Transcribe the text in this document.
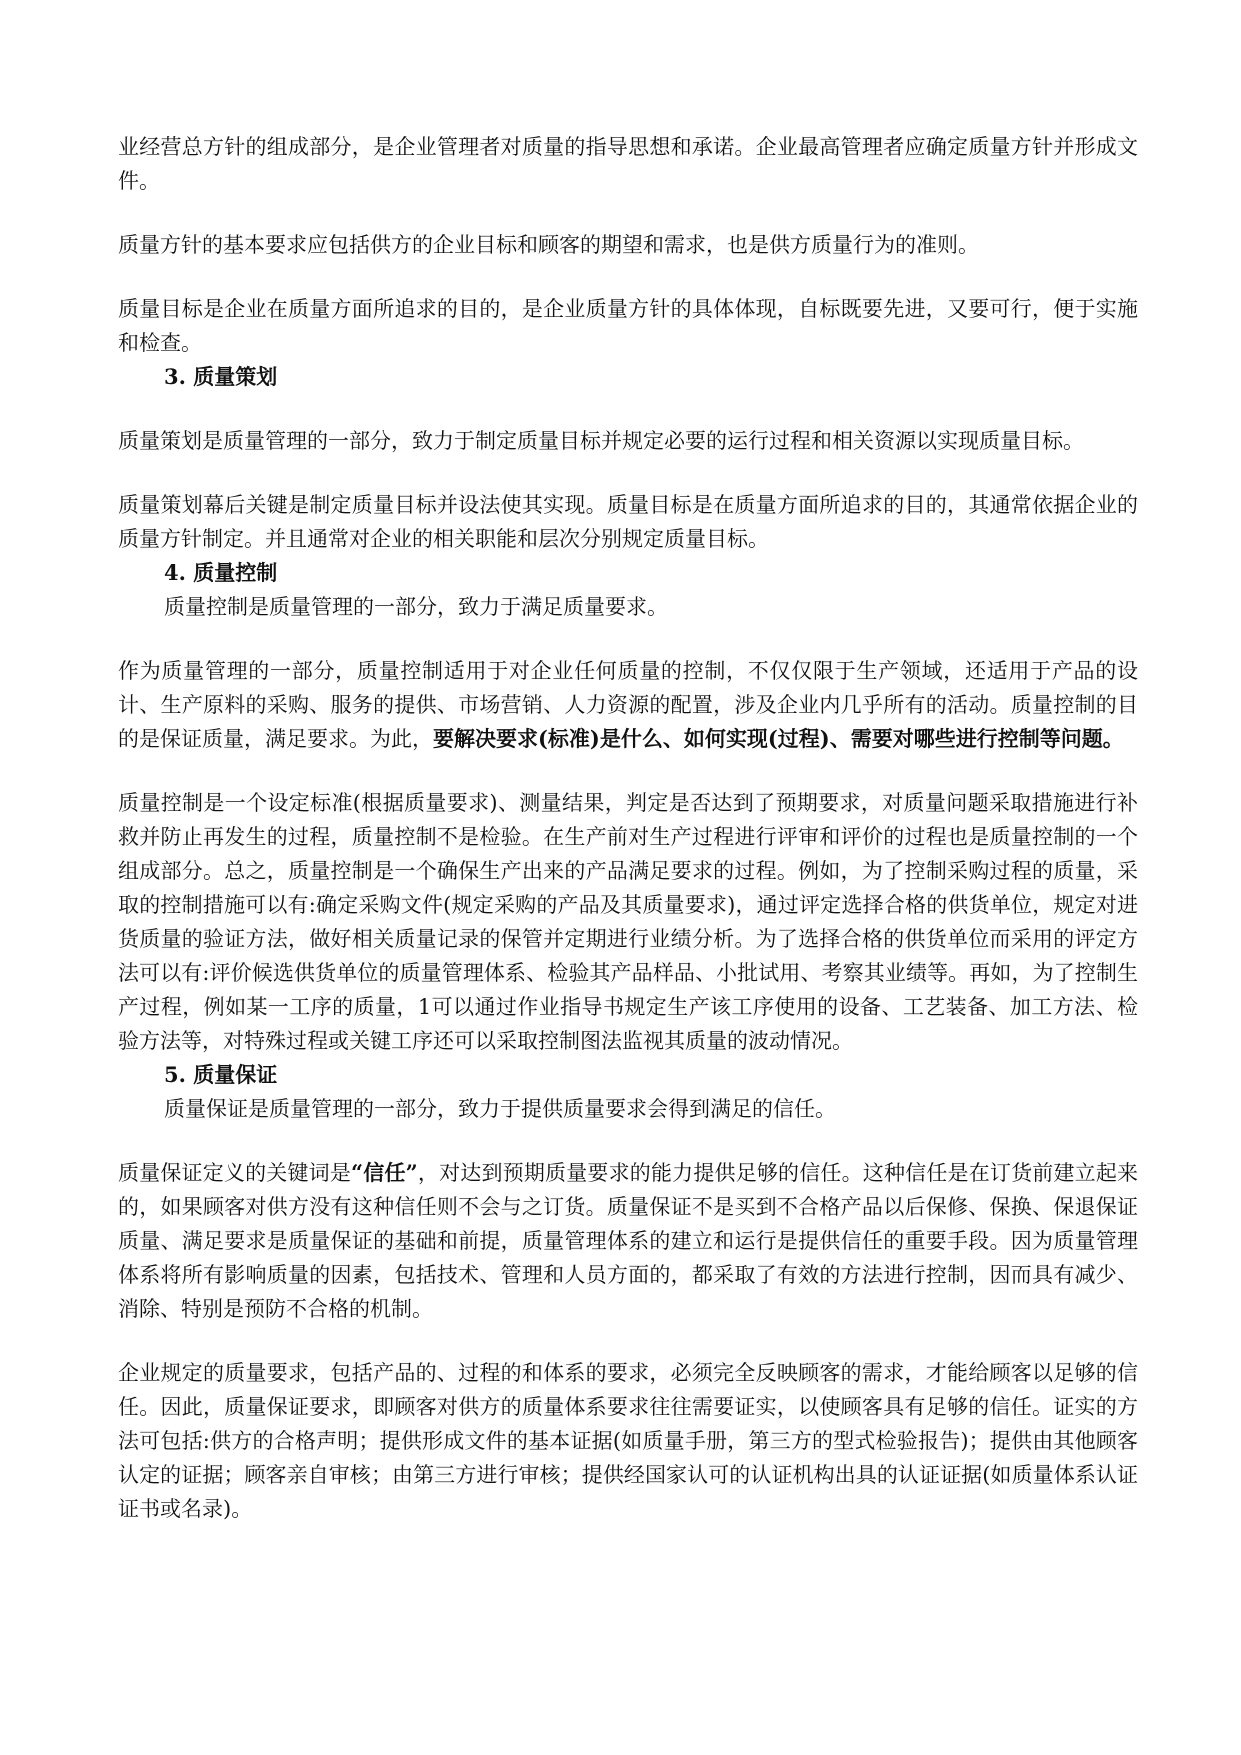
业经营总方针的组成部分，是企业管理者对质量的指导思想和承诺。企业最高管理者应确定质量方针并形成文件。

质量方针的基本要求应包括供方的企业目标和顾客的期望和需求，也是供方质量行为的准则。

质量目标是企业在质量方面所追求的目的，是企业质量方针的具体体现，自标既要先进，又要可行，便于实施和检查。

3. 质量策划

质量策划是质量管理的一部分，致力于制定质量目标并规定必要的运行过程和相关资源以实现质量目标。

质量策划幕后关键是制定质量目标并设法使其实现。质量目标是在质量方面所追求的目的，其通常依据企业的质量方针制定。并且通常对企业的相关职能和层次分别规定质量目标。

4. 质量控制

质量控制是质量管理的一部分，致力于满足质量要求。

作为质量管理的一部分，质量控制适用于对企业任何质量的控制，不仅仅限于生产领域，还适用于产品的设计、生产原料的采购、服务的提供、市场营销、人力资源的配置，涉及企业内几乎所有的活动。质量控制的目的是保证质量，满足要求。为此，要解决要求(标准)是什么、如何实现(过程)、需要对哪些进行控制等问题。

质量控制是一个设定标准(根据质量要求)、测量结果，判定是否达到了预期要求，对质量问题采取措施进行补救并防止再发生的过程，质量控制不是检验。在生产前对生产过程进行评审和评价的过程也是质量控制的一个组成部分。总之，质量控制是一个确保生产出来的产品满足要求的过程。例如，为了控制采购过程的质量，采取的控制措施可以有:确定采购文件(规定采购的产品及其质量要求)，通过评定选择合格的供货单位，规定对进货质量的验证方法，做好相关质量记录的保管并定期进行业绩分析。为了选择合格的供货单位而采用的评定方法可以有:评价候选供货单位的质量管理体系、检验其产品样品、小批试用、考察其业绩等。再如，为了控制生产过程，例如某一工序的质量，1可以通过作业指导书规定生产该工序使用的设备、工艺装备、加工方法、检验方法等，对特殊过程或关键工序还可以采取控制图法监视其质量的波动情况。

5. 质量保证

质量保证是质量管理的一部分，致力于提供质量要求会得到满足的信任。

质量保证定义的关键词是“信任”，对达到预期质量要求的能力提供足够的信任。这种信任是在订货前建立起来的，如果顾客对供方没有这种信任则不会与之订货。质量保证不是买到不合格产品以后保修、保换、保退保证质量、满足要求是质量保证的基础和前提，质量管理体系的建立和运行是提供信任的重要手段。因为质量管理体系将所有影响质量的因素，包括技术、管理和人员方面的，都采取了有效的方法进行控制，因而具有减少、消除、特别是预防不合格的机制。

企业规定的质量要求，包括产品的、过程的和体系的要求，必须完全反映顾客的需求，才能给顾客以足够的信任。因此，质量保证要求，即顾客对供方的质量体系要求往往需要证实，以使顾客具有足够的信任。证实的方法可包括:供方的合格声明；提供形成文件的基本证据(如质量手册，第三方的型式检验报告)；提供由其他顾客认定的证据；顾客亲自审核；由第三方进行审核；提供经国家认可的认证机构出具的认证证据(如质量体系认证证书或名录)。
